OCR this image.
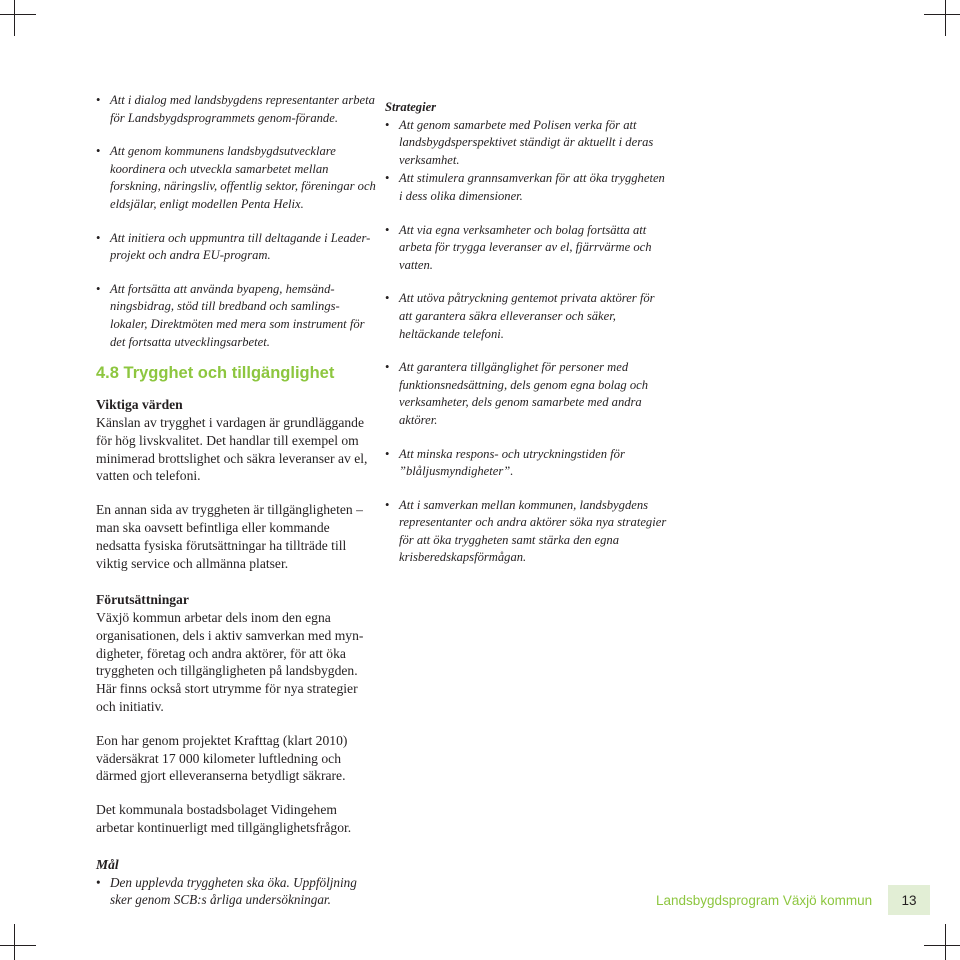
• Att i dialog med landsbygdens representanter arbeta för Landsbygdsprogrammets genom-förande.
• Att genom kommunens landsbygdsutvecklare koordinera och utveckla samarbetet mellan forskning, näringsliv, offentlig sektor, föreningar och eldsjälar, enligt modellen Penta Helix.
• Att initiera och uppmuntra till deltagande i Leader-projekt och andra EU-program.
• Att fortsätta att använda byapeng, hemsänd-ningsbidrag, stöd till bredband och samlings-lokaler, Direktmöten med mera som instrument för det fortsatta utvecklingsarbetet.
4.8 Trygghet och tillgänglighet
Viktiga värden

Känslan av trygghet i vardagen är grundläggande för hög livskvalitet. Det handlar till exempel om minimerad brottslighet och säkra leveranser av el, vatten och telefoni.

En annan sida av tryggheten är tillgängligheten – man ska oavsett befintliga eller kommande nedsatta fysiska förutsättningar ha tillträde till viktig service och allmänna platser.

Förutsättningar

Växjö kommun arbetar dels inom den egna organisationen, dels i aktiv samverkan med myn-digheter, företag och andra aktörer, för att öka tryggheten och tillgängligheten på landsbygden. Här finns också stort utrymme för nya strategier och initiativ.

Eon har genom projektet Krafttag (klart 2010) vädersäkrat 17 000 kilometer luftledning och därmed gjort elleveranserna betydligt säkrare.

Det kommunala bostadsbolaget Vidingehem arbetar kontinuerligt med tillgänglighetsfrågor.

Mål
• Den upplevda tryggheten ska öka. Uppföljning sker genom SCB:s årliga undersökningar.
Strategier
• Att genom samarbete med Polisen verka för att landsbygdsperspektivet ständigt är aktuellt i deras verksamhet.
• Att stimulera grannsamverkan för att öka tryggheten i dess olika dimensioner.
• Att via egna verksamheter och bolag fortsätta att arbeta för trygga leveranser av el, fjärrvärme och vatten.
• Att utöva påtryckning gentemot privata aktörer för att garantera säkra elleveranser och säker, heltäckande telefoni.
• Att garantera tillgänglighet för personer med funktionsnedsättning, dels genom egna bolag och verksamheter, dels genom samarbete med andra aktörer.
• Att minska respons- och utryckningstiden för ”blåljusmyndigheter”.
• Att i samverkan mellan kommunen, landsbygdens representanter och andra aktörer söka nya strategier för att öka tryggheten samt stärka den egna krisberedskapsförmågan.
Landsbygdsprogram Växjö kommun 13
